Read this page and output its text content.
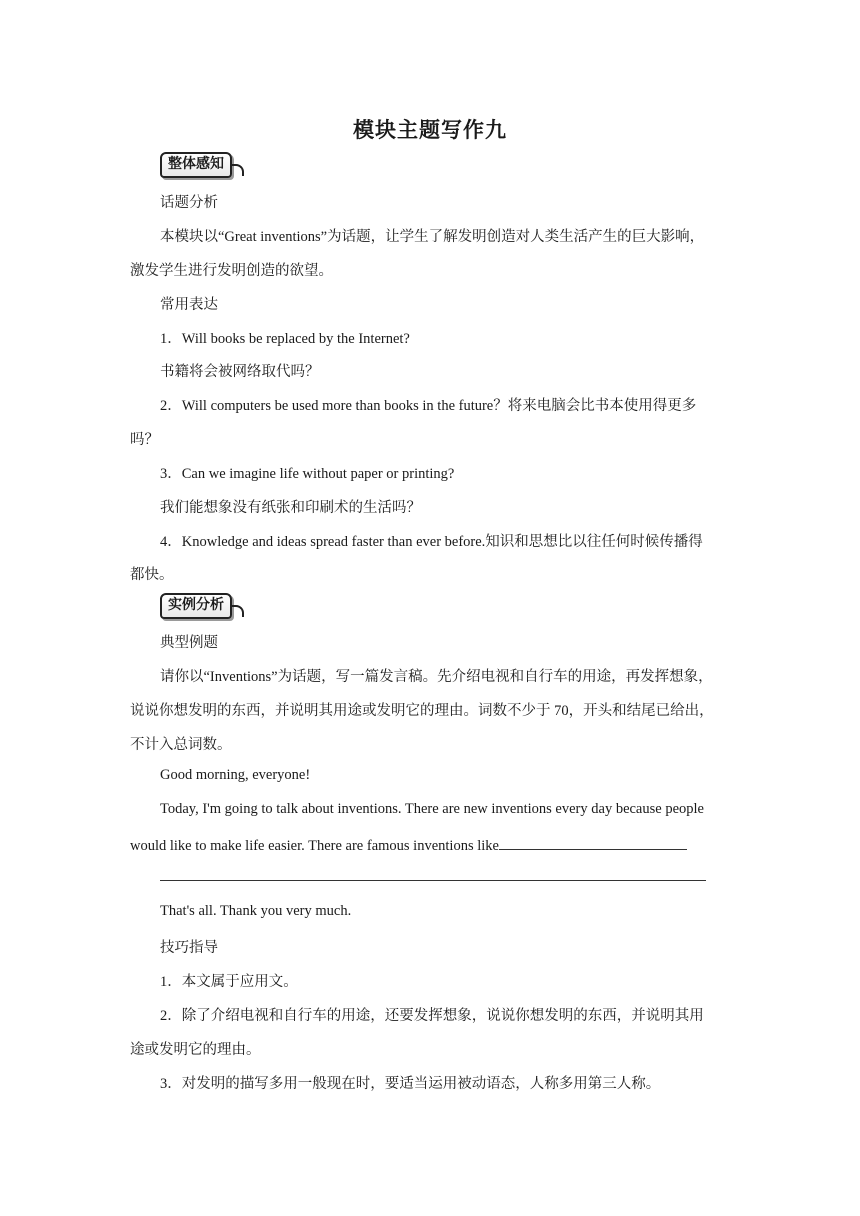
模块主题写作九
整体感知
话题分析
本模块以“Great inventions”为话题，让学生了解发明创造对人类生活产生的巨大影响，
激发学生进行发明创造的欲望。
常用表达
1．Will books be replaced by the Internet?
书籍将会被网络取代吗？
2．Will computers be used more than books in the future？将来电脑会比书本使用得更多
吗？
3．Can we imagine life without paper or printing?
我们能想象没有纸张和印刷术的生活吗？
4．Knowledge and ideas spread faster than ever before.知识和思想比以往任何时候传播得
都快。
实例分析
典型例题
请你以“Inventions”为话题，写一篇发言稿。先介绍电视和自行车的用途，再发挥想象，
说说你想发明的东西，并说明其用途或发明它的理由。词数不少于 70，开头和结尾已给出，
不计入总词数。
Good morning, everyone!
Today, I'm going to talk about inventions. There are new inventions every day because people
would like to make life easier. There are famous inventions like
That's all. Thank you very much.
技巧指导
1．本文属于应用文。
2．除了介绍电视和自行车的用途，还要发挥想象，说说你想发明的东西，并说明其用
途或发明它的理由。
3．对发明的描写多用一般现在时，要适当运用被动语态，人称多用第三人称。
